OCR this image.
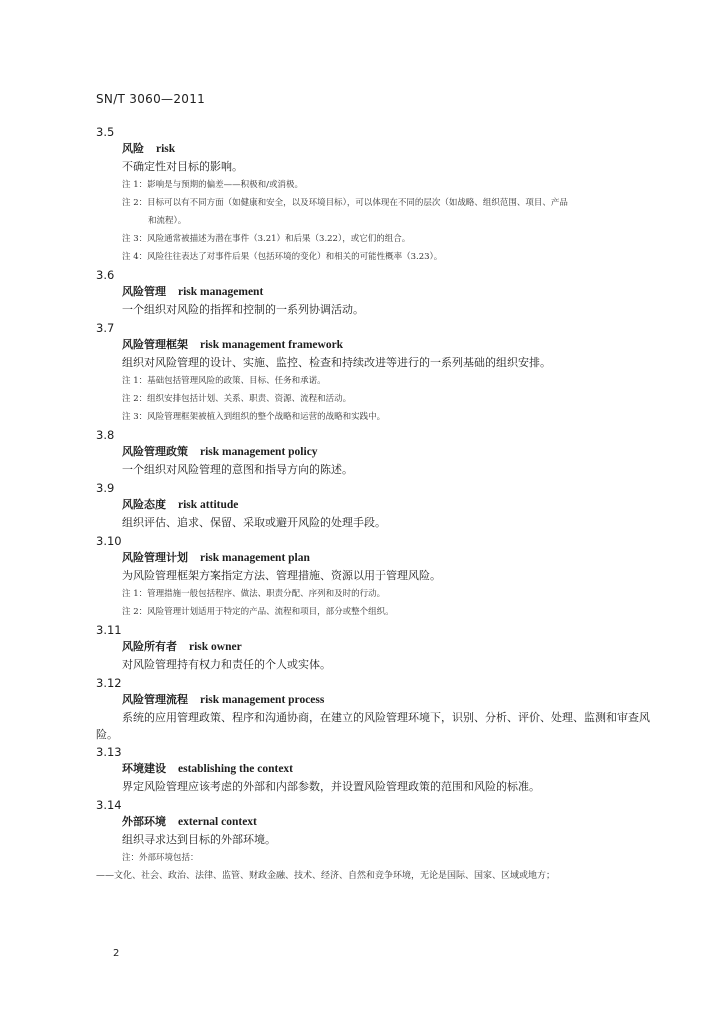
SN/T 3060—2011
3.5
风险 risk
不确定性对目标的影响。
注 1：影响是与预期的偏差——积极和/或消极。
注 2：目标可以有不同方面（如健康和安全，以及环境目标），可以体现在不同的层次（如战略、组织范围、项目、产品
和流程）。
注 3：风险通常被描述为潜在事件（3.21）和后果（3.22），或它们的组合。
注 4：风险往往表达了对事件后果（包括环境的变化）和相关的可能性概率（3.23）。
3.6
风险管理 risk management
一个组织对风险的指挥和控制的一系列协调活动。
3.7
风险管理框架 risk management framework
组织对风险管理的设计、实施、监控、检查和持续改进等进行的一系列基础的组织安排。
注 1：基础包括管理风险的政策、目标、任务和承诺。
注 2：组织安排包括计划、关系、职责、资源、流程和活动。
注 3：风险管理框架被植入到组织的整个战略和运营的战略和实践中。
3.8
风险管理政策 risk management policy
一个组织对风险管理的意图和指导方向的陈述。
3.9
风险态度 risk attitude
组织评估、追求、保留、采取或避开风险的处理手段。
3.10
风险管理计划 risk management plan
为风险管理框架方案指定方法、管理措施、资源以用于管理风险。
注 1：管理措施一般包括程序、做法、职责分配、序列和及时的行动。
注 2：风险管理计划适用于特定的产品、流程和项目，部分或整个组织。
3.11
风险所有者 risk owner
对风险管理持有权力和责任的个人或实体。
3.12
风险管理流程 risk management process
系统的应用管理政策、程序和沟通协商，在建立的风险管理环境下，识别、分析、评价、处理、监测和审查风险。
3.13
环境建设 establishing the context
界定风险管理应该考虑的外部和内部参数，并设置风险管理政策的范围和风险的标准。
3.14
外部环境 external context
组织寻求达到目标的外部环境。
注：外部环境包括：
——文化、社会、政治、法律、监管、财政金融、技术、经济、自然和竞争环境，无论是国际、国家、区域或地方；
2
